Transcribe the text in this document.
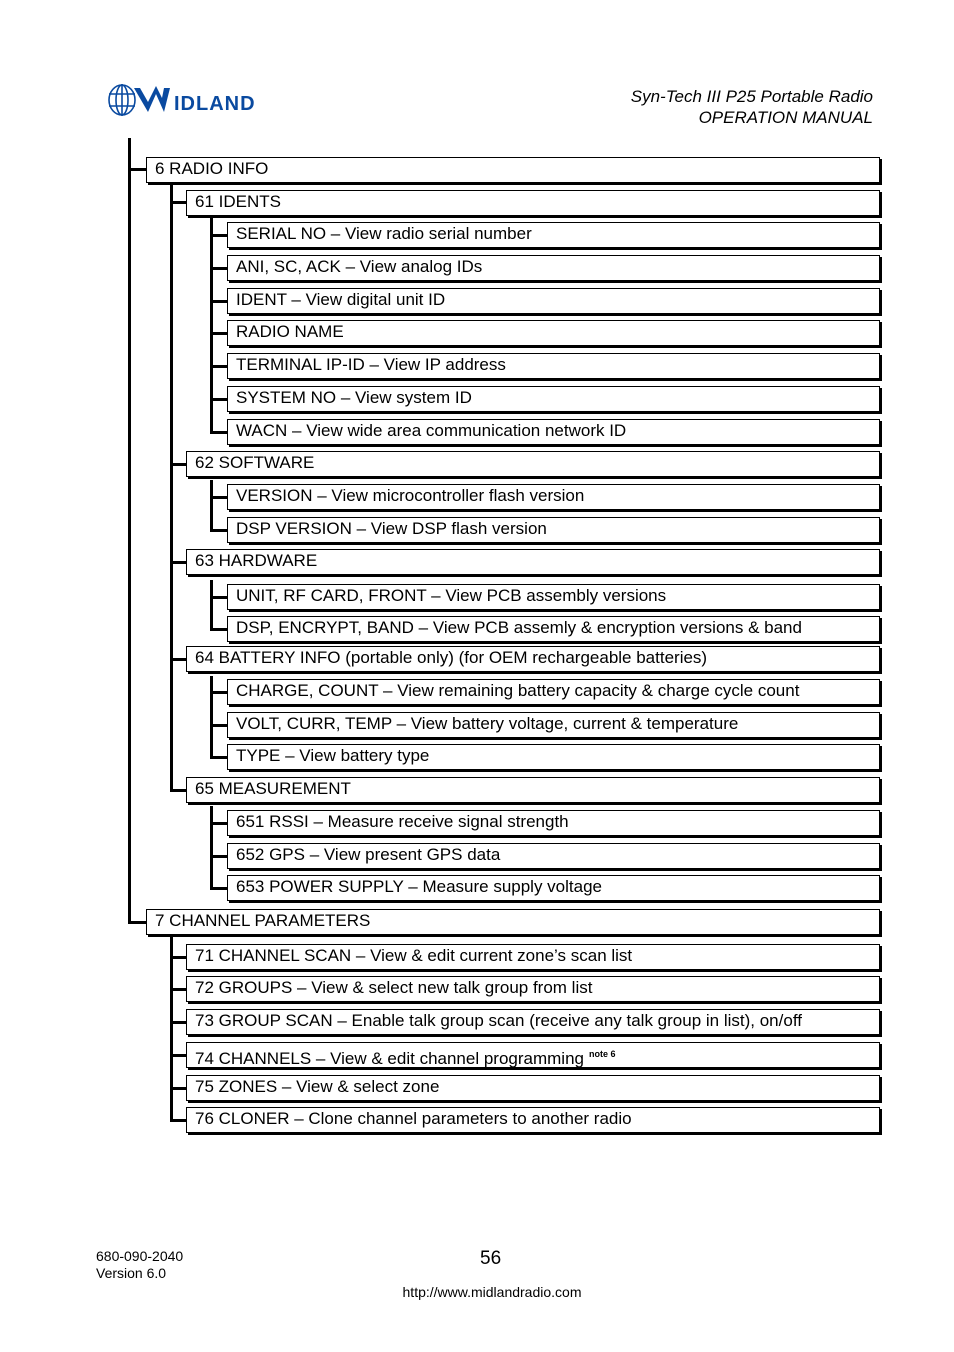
IDLAND	Syn-Tech III P25 Portable Radio
OPERATION MANUAL
6 RADIO INFO
61 IDENTS
SERIAL NO – View radio serial number
ANI, SC, ACK – View analog IDs
IDENT – View digital unit ID
RADIO NAME
TERMINAL IP-ID – View IP address
SYSTEM NO – View system ID
WACN – View wide area communication network ID
62 SOFTWARE
VERSION – View microcontroller flash version
DSP VERSION – View DSP flash version
63 HARDWARE
UNIT, RF CARD, FRONT – View PCB assembly versions
DSP, ENCRYPT, BAND – View PCB assemly & encryption versions & band
64 BATTERY INFO (portable only) (for OEM rechargeable batteries)
CHARGE, COUNT – View remaining battery capacity & charge cycle count
VOLT, CURR, TEMP – View battery voltage, current & temperature
TYPE – View battery type
65 MEASUREMENT
651 RSSI – Measure receive signal strength
652 GPS – View present GPS data
653 POWER SUPPLY – Measure supply voltage
7 CHANNEL PARAMETERS
71 CHANNEL SCAN – View & edit current zone’s scan list
72 GROUPS – View & select new talk group from list
73 GROUP SCAN – Enable talk group scan (receive any talk group in list), on/off
74 CHANNELS – View & edit channel programming $^{note 6}$
75 ZONES – View & select zone
76 CLONER – Clone channel parameters to another radio
680-090-2040
Version 6.0
56
http://www.midlandradio.com
